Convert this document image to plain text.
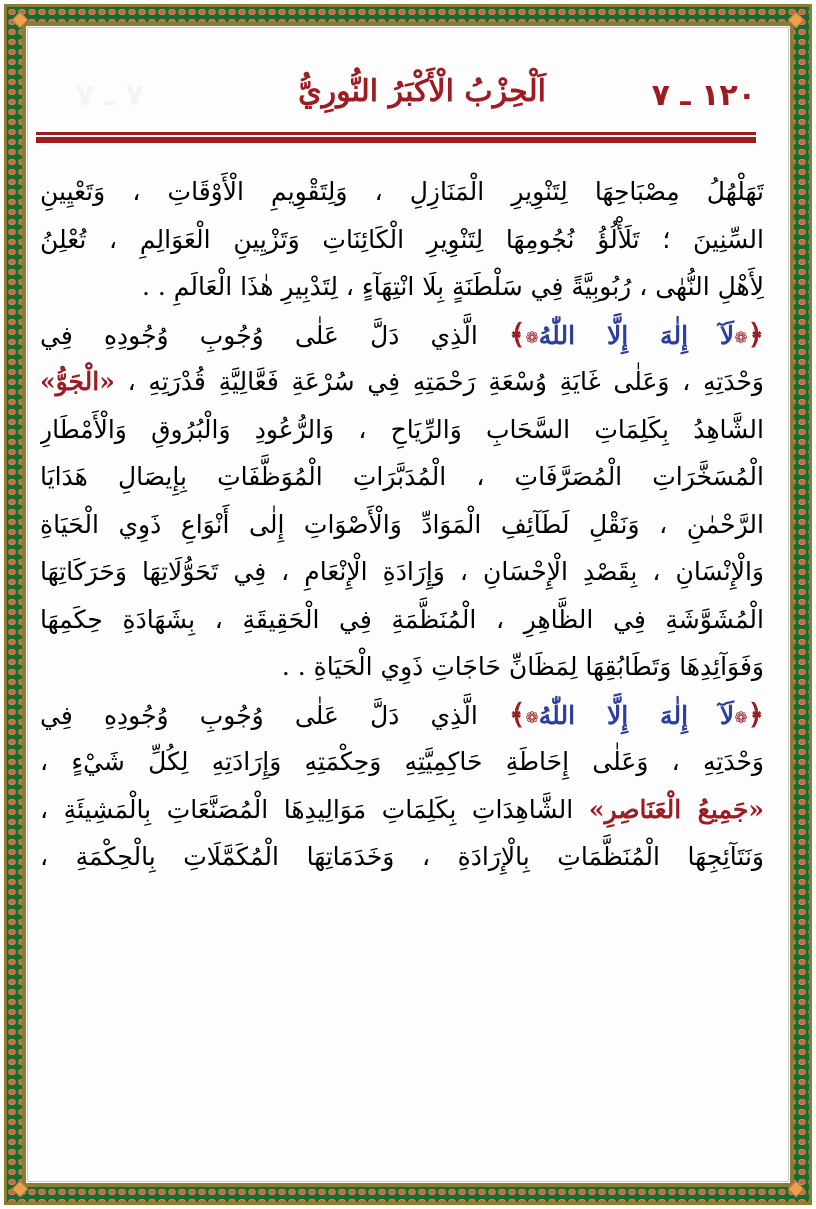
١٢٠ ـ ٧
اَلْحِزْبُ الْأَكْبَرُ النُّورِيُّ
٧ ـ ٧
تَهَلْهُلُ مِصْبَاحِهَا لِتَنْوِيرِ الْمَنَازِلِ ، وَلِتَقْوِيمِ الْأَوْقَاتِ ، وَتَعْيِينِ
السِّنِينَ ؛ تَلَأْلُؤُ نُجُومِهَا لِتَنْوِيرِ الْكَائِنَاتِ وَتَزْيِينِ الْعَوَالِمِ ، تُعْلِنُ
لِأَهْلِ النُّهٰى ، رُبُوبِيَّةً فِي سَلْطَنَةٍ بِلَا انْتِهَآءٍ ، لِتَدْبِيرِ هٰذَا الْعَالَمِ . .
﴿❁لَآ إِلٰهَ إِلَّا اللّٰهُ❁﴾ الَّذِي دَلَّ عَلٰى وُجُوبِ وُجُودِهِ فِي
وَحْدَتِهِ ، وَعَلٰى غَايَةِ وُسْعَةِ رَحْمَتِهِ فِي سُرْعَةِ فَعَّالِيَّةِ قُدْرَتِهِ ، «الْجَوُّ»
الشَّاهِدُ بِكَلِمَاتِ السَّحَابِ وَالرِّيَاحِ ، وَالرُّعُودِ وَالْبُرُوقِ وَالْأَمْطَارِ
الْمُسَخَّرَاتِ الْمُصَرَّفَاتِ ، الْمُدَبَّرَاتِ الْمُوَظَّفَاتِ بِإِيصَالِ هَدَايَا
الرَّحْمٰنِ ، وَنَقْلِ لَطَآئِفِ الْمَوَادِّ وَالْأَصْوَاتِ إِلٰى أَنْوَاعِ ذَوِي الْحَيَاةِ
وَالْإِنْسَانِ ، بِقَصْدِ الْإِحْسَانِ ، وَإِرَادَةِ الْإِنْعَامِ ، فِي تَحَوُّلَاتِهَا وَحَرَكَاتِهَا
الْمُشَوَّشَةِ فِي الظَّاهِرِ ، الْمُنَظَّمَةِ فِي الْحَقِيقَةِ ، بِشَهَادَةِ حِكَمِهَا
وَفَوَآئِدِهَا وَتَطَابُقِهَا لِمَظَانِّ حَاجَاتِ ذَوِي الْحَيَاةِ . .
﴿❁لَآ إِلٰهَ إِلَّا اللّٰهُ❁﴾ الَّذِي دَلَّ عَلٰى وُجُوبِ وُجُودِهِ فِي
وَحْدَتِهِ ، وَعَلٰى إِحَاطَةِ حَاكِمِيَّتِهِ وَحِكْمَتِهِ وَإِرَادَتِهِ لِكُلِّ شَيْءٍ ،
«جَمِيعُ الْعَنَاصِرِ» الشَّاهِدَاتِ بِكَلِمَاتِ مَوَالِيدِهَا الْمُصَنَّعَاتِ بِالْمَشِيئَةِ ،
وَنَتَآئِجِهَا الْمُنَظَّمَاتِ بِالْإِرَادَةِ ، وَخَدَمَاتِهَا الْمُكَمَّلَاتِ بِالْحِكْمَةِ ،
